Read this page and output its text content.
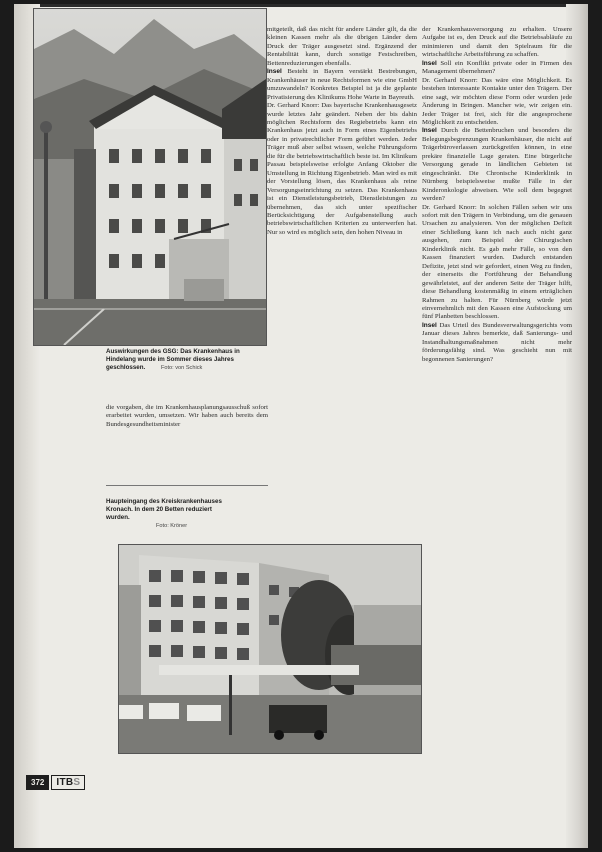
Auswirkungen des GSG: Das Krankenhaus in Hindelang wurde im Sommer dieses Jahres geschlossen.	Foto: von Schick

die vorgaben, die im Krankenhausplanungsausschuß sofort erarbeitet wurden, umsetzen. Wir haben auch bereits dem Bundesgesundheitsminister

Haupteingang des Kreiskrankenhauses Kronach. In dem 20 Betten reduziert wurden.
Foto: Kröner

mitgeteilt, daß das nicht für andere Länder gilt, da die kleinen Kassen mehr als die übrigen Länder dem Druck der Träger ausgesetzt sind. Ergänzend der Rentabilität kann, durch sonstige Festschreiben, Bettenreduzierungen ebenfalls.

Insel Besteht in Bayern verstärkt Bestrebungen, Krankenhäuser in neue Rechtsformen wie eine GmbH umzuwandeln? Konkretes Beispiel ist ja die geplante Privatisierung des Klinikums Hohe Warte in Bayreuth.

Dr. Gerhard Knorr: Das bayerische Krankenhausgesetz wurde letztes Jahr geändert. Neben der bis dahin möglichen Rechtsform des Regiebetriebs kann ein Krankenhaus jetzt auch in Form eines Eigenbetriebs oder in privatrechtlicher Form geführt werden. Jeder Träger muß aber selbst wissen, welche Führungsform die für die betriebswirtschaftlich beste ist. Im Klinikum Passau beispielsweise erfolgte Anfang Oktober die Umstellung in Richtung Eigenbetrieb. Man wird es mit der Vorstellung lösen, das Krankenhaus als reine Versorgungseinrichtung zu setzen. Das Krankenhaus ist ein Dienstleistungsbetrieb, Dienstleistungen zu übernehmen, das sich unter spezifischer Berücksichtigung der Aufgabenstellung auch betriebswirtschaftlichen Kriterien zu unterwerfen hat. Nur so wird es möglich sein, den hohen Niveau in

der Krankenhausversorgung zu erhalten. Unsere Aufgabe ist es, den Druck auf die Betriebsabläufe zu minimieren und damit den Spielraum für die wirtschaftliche Arbeitsführung zu schaffen.

Insel Soll ein Konflikt private oder in Firmen des Management übernehmen?

Dr. Gerhard Knorr: Das wäre eine Möglichkeit. Es bestehen interessante Kontakte unter den Trägern. Der eine sagt, wir möchten diese Form oder wurden jede Änderung in Bringen. Mancher wie, wir zeigen ein. Jeder Träger ist frei, sich für die angesprochene Möglichkeit zu entscheiden.

Insel Durch die Bettenbruchen und besonders die Belegungsbegrenzungen Krankenhäuser, die nicht auf Trägerbüroverlassen zurückgreifen können, in eine prekäre finanzielle Lage geraten. Eine bürgerliche Versorgung gerade in ländlichen Gebieten ist eingeschränkt. Die Chronische Kinderklinik in Nürnberg beispielsweise mußte Fälle in der Kinderonkologie abweisen. Wie soll dem begegnet werden?

Dr. Gerhard Knorr: In solchen Fällen sehen wir uns sofort mit den Trägern in Verbindung, um die genauen Ursachen zu analysieren. Von der möglichen Defizit einer Schließung kann ich nach auch nicht ganz ausgehen, zum Beispiel der Chirurgischen Kinderklinik nicht. Es gab mehr Fälle, so von den Kassen finanziert wurden. Dadurch entstanden Defizite, jetzt sind wir gefordert, einen Weg zu finden, der einerseits die Fortführung der Behandlung gewährleistet, auf der anderen Seite der Träger hilft, diese Behandlung kostenmäßig in einem erträglichen Rahmen zu halten. Für Nürnberg würde jetzt einvernehmlich mit den Kassen eine Aufstockung um fünf Planbetten beschlossen.

Insel Das Urteil des Bundesverwaltungsgerichts vom Januar dieses Jahres bemerkte, daß Sanierungs- und Instandhaltungsmaßnahmen nicht mehr förderungsfähig sind. Was geschieht nun mit begonnenen Sanierungen?

372	ITBS
